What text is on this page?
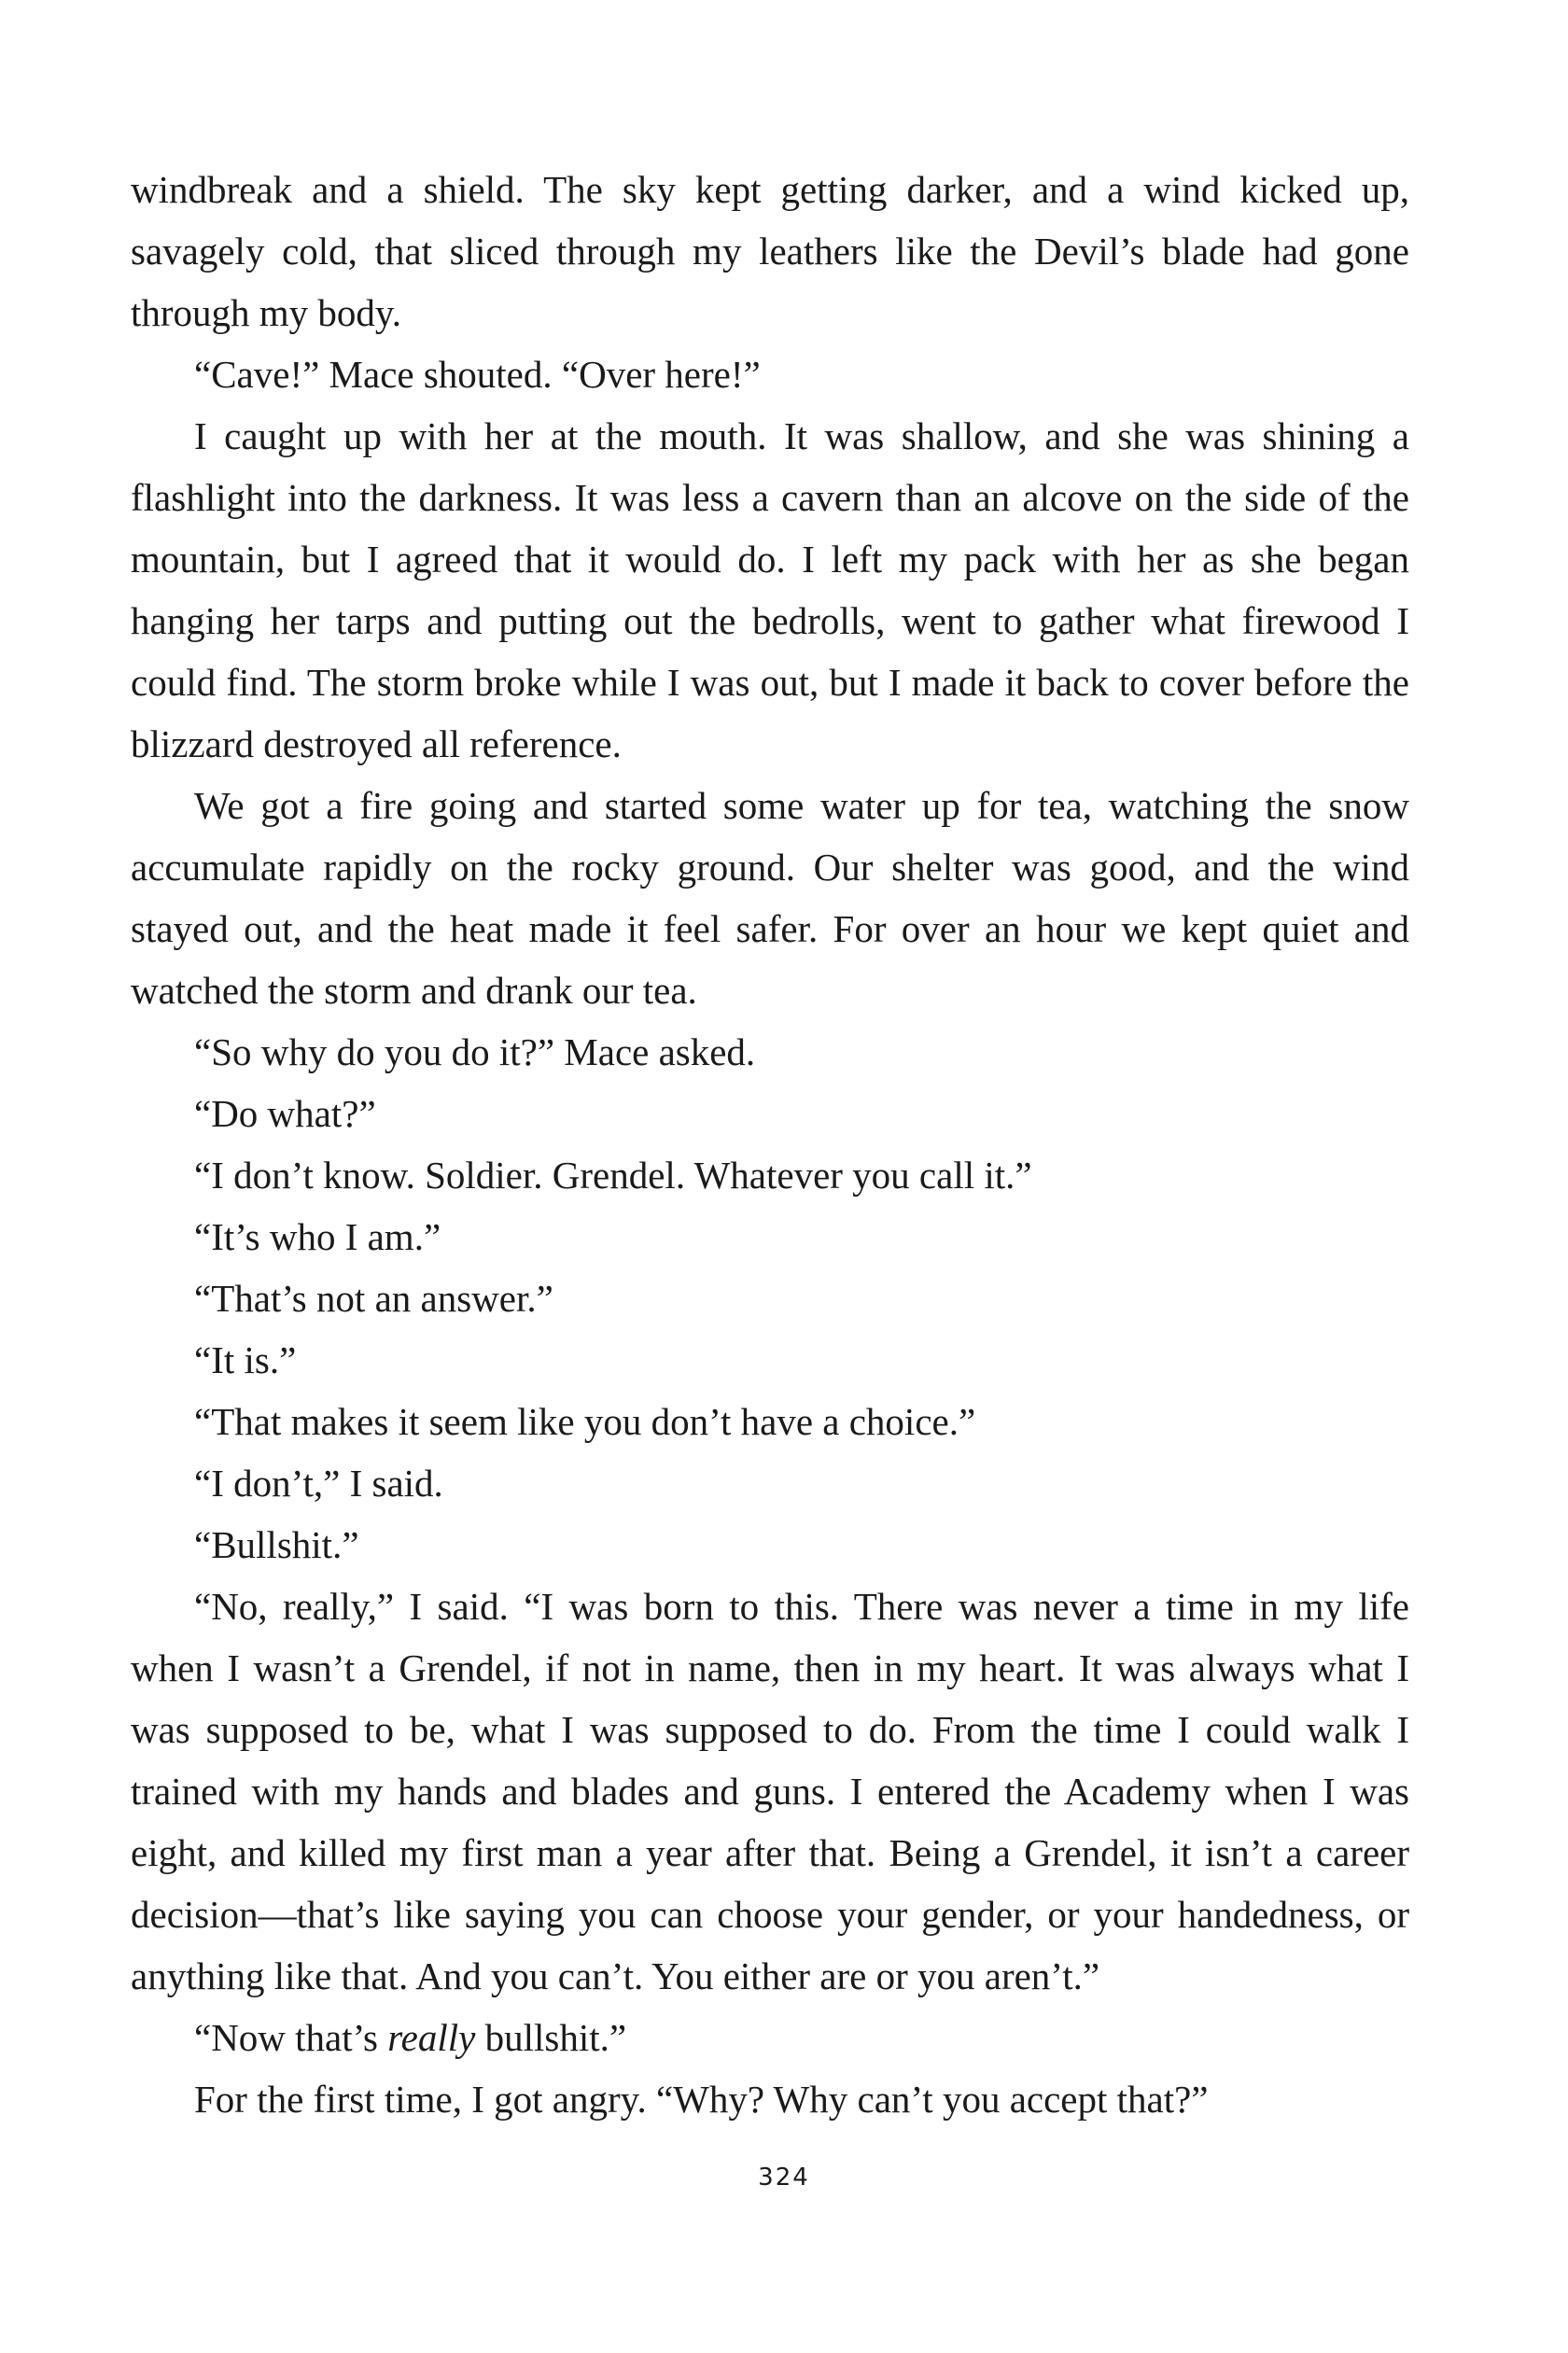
windbreak and a shield. The sky kept getting darker, and a wind kicked up, savagely cold, that sliced through my leathers like the Devil’s blade had gone through my body.

“Cave!” Mace shouted. “Over here!”

I caught up with her at the mouth. It was shallow, and she was shining a flashlight into the darkness. It was less a cavern than an alcove on the side of the mountain, but I agreed that it would do. I left my pack with her as she began hanging her tarps and putting out the bedrolls, went to gather what firewood I could find. The storm broke while I was out, but I made it back to cover before the blizzard destroyed all reference.

We got a fire going and started some water up for tea, watching the snow accumulate rapidly on the rocky ground. Our shelter was good, and the wind stayed out, and the heat made it feel safer. For over an hour we kept quiet and watched the storm and drank our tea.

“So why do you do it?” Mace asked.

“Do what?”

“I don’t know. Soldier. Grendel. Whatever you call it.”

“It’s who I am.”

“That’s not an answer.”

“It is.”

“That makes it seem like you don’t have a choice.”

“I don’t,” I said.

“Bullshit.”

“No, really,” I said. “I was born to this. There was never a time in my life when I wasn’t a Grendel, if not in name, then in my heart. It was always what I was supposed to be, what I was supposed to do. From the time I could walk I trained with my hands and blades and guns. I entered the Academy when I was eight, and killed my first man a year after that. Being a Grendel, it isn’t a career decision—that’s like saying you can choose your gender, or your handedness, or anything like that. And you can’t. You either are or you aren’t.”

“Now that’s really bullshit.”

For the first time, I got angry. “Why? Why can’t you accept that?”

324
